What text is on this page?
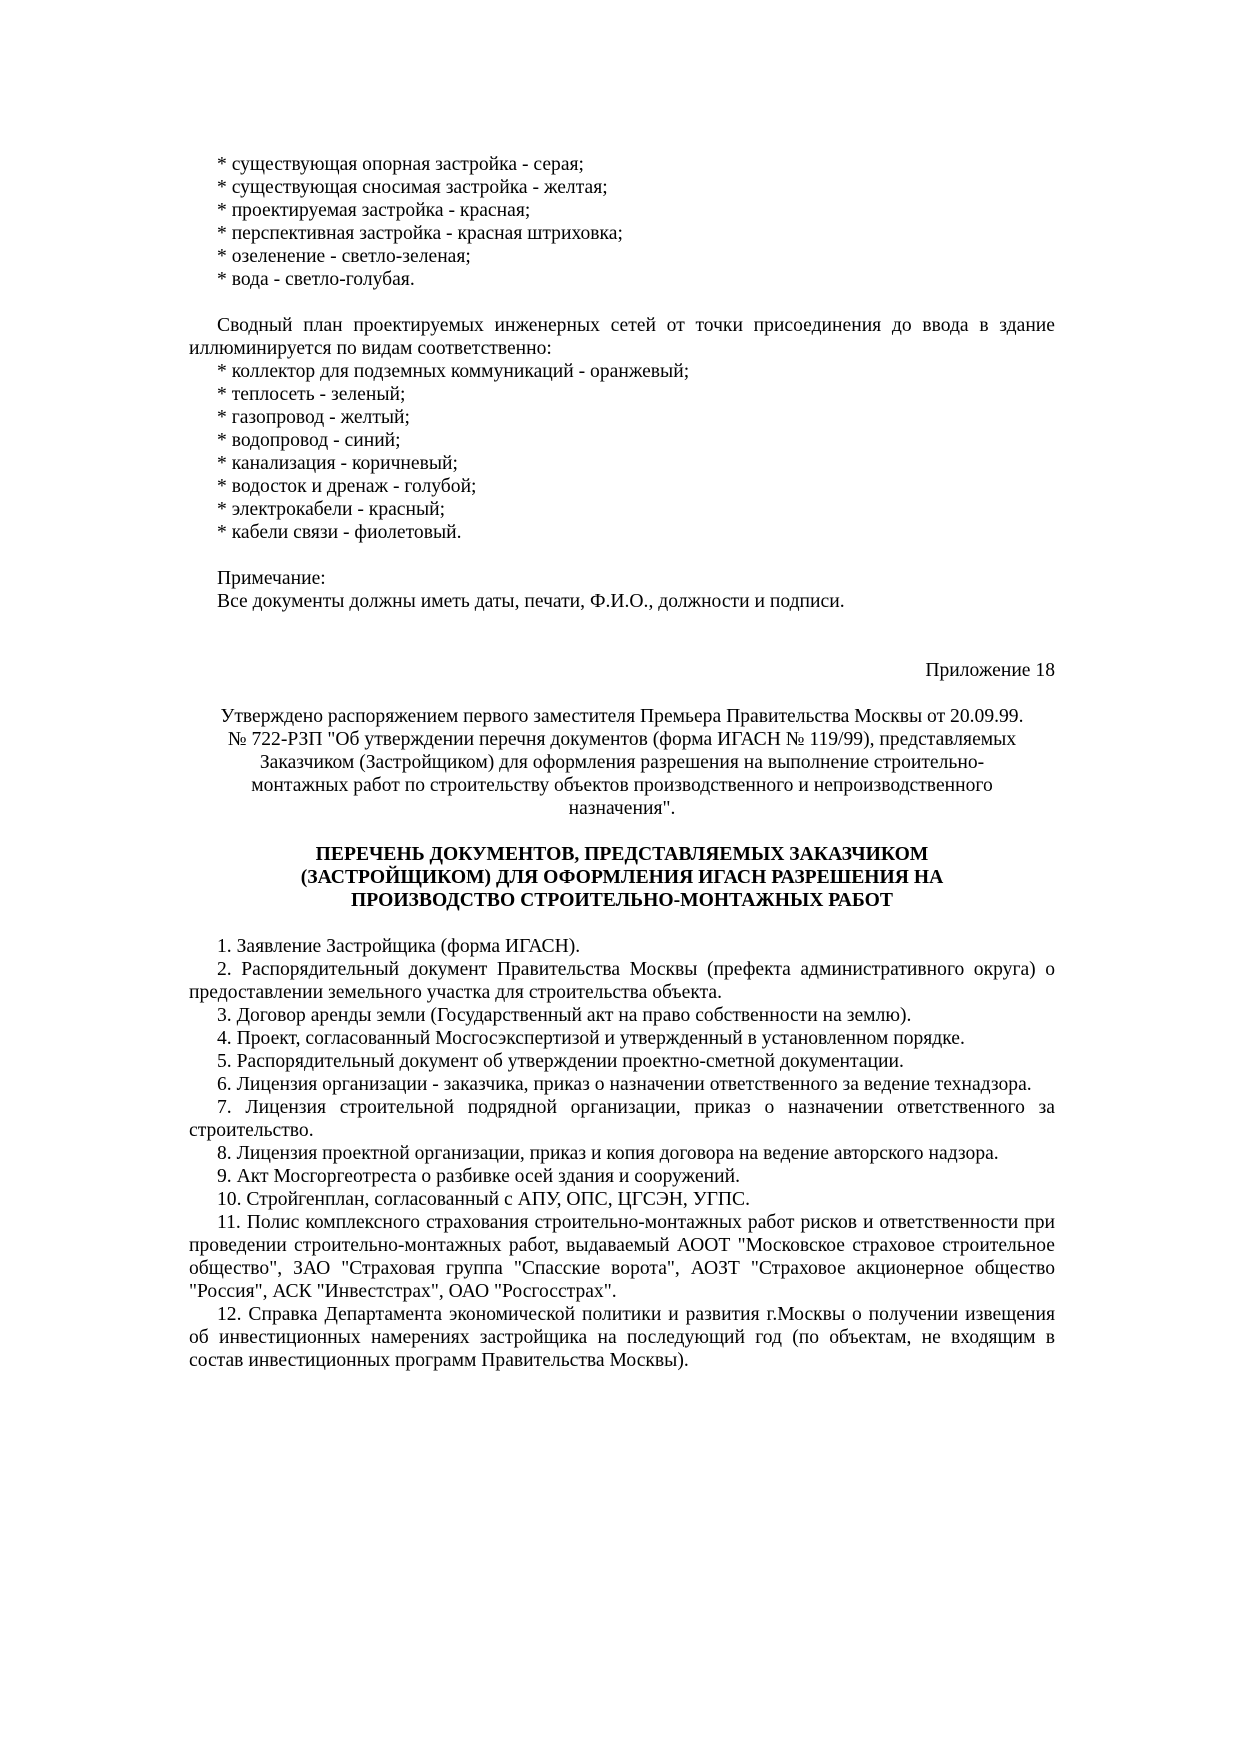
* существующая опорная застройка - серая;

* существующая сносимая застройка - желтая;

* проектируемая застройка - красная;

* перспективная застройка - красная штриховка;

* озеленение - светло-зеленая;

* вода - светло-голубая.

Сводный план проектируемых инженерных сетей от точки присоединения до ввода в здание иллюминируется по видам соответственно:

* коллектор для подземных коммуникаций - оранжевый;

* теплосеть - зеленый;

* газопровод - желтый;

* водопровод - синий;

* канализация - коричневый;

* водосток и дренаж - голубой;

* электрокабели - красный;

* кабели связи - фиолетовый.

Примечание:

Все документы должны иметь даты, печати, Ф.И.О., должности и подписи.

Приложение 18

Утверждено распоряжением первого заместителя Премьера Правительства Москвы от 20.09.99. № 722-РЗП "Об утверждении перечня документов (форма ИГАСН № 119/99), представляемых Заказчиком (Застройщиком) для оформления разрешения на выполнение строительно-монтажных работ по строительству объектов производственного и непроизводственного назначения".

ПЕРЕЧЕНЬ ДОКУМЕНТОВ, ПРЕДСТАВЛЯЕМЫХ ЗАКАЗЧИКОМ (ЗАСТРОЙЩИКОМ) ДЛЯ ОФОРМЛЕНИЯ ИГАСН РАЗРЕШЕНИЯ НА ПРОИЗВОДСТВО СТРОИТЕЛЬНО-МОНТАЖНЫХ РАБОТ

1. Заявление Застройщика (форма ИГАСН).

2. Распорядительный документ Правительства Москвы (префекта административного округа) о предоставлении земельного участка для строительства объекта.

3. Договор аренды земли (Государственный акт на право собственности на землю).

4. Проект, согласованный Мосгосэкспертизой и утвержденный в установленном порядке.

5. Распорядительный документ об утверждении проектно-сметной документации.

6. Лицензия организации - заказчика, приказ о назначении ответственного за ведение технадзора.

7. Лицензия строительной подрядной организации, приказ о назначении ответственного за строительство.

8. Лицензия проектной организации, приказ и копия договора на ведение авторского надзора.

9. Акт Мосгоргеотреста о разбивке осей здания и сооружений.

10. Стройгенплан, согласованный с АПУ, ОПС, ЦГСЭН, УГПС.

11. Полис комплексного страхования строительно-монтажных работ рисков и ответственности при проведении строительно-монтажных работ, выдаваемый АООТ "Московское страховое строительное общество", ЗАО "Страховая группа "Спасские ворота", АОЗТ "Страховое акционерное общество "Россия", АСК "Инвестстрах", ОАО "Росгосстрах".

12. Справка Департамента экономической политики и развития г.Москвы о получении извещения об инвестиционных намерениях застройщика на последующий год (по объектам, не входящим в состав инвестиционных программ Правительства Москвы).
